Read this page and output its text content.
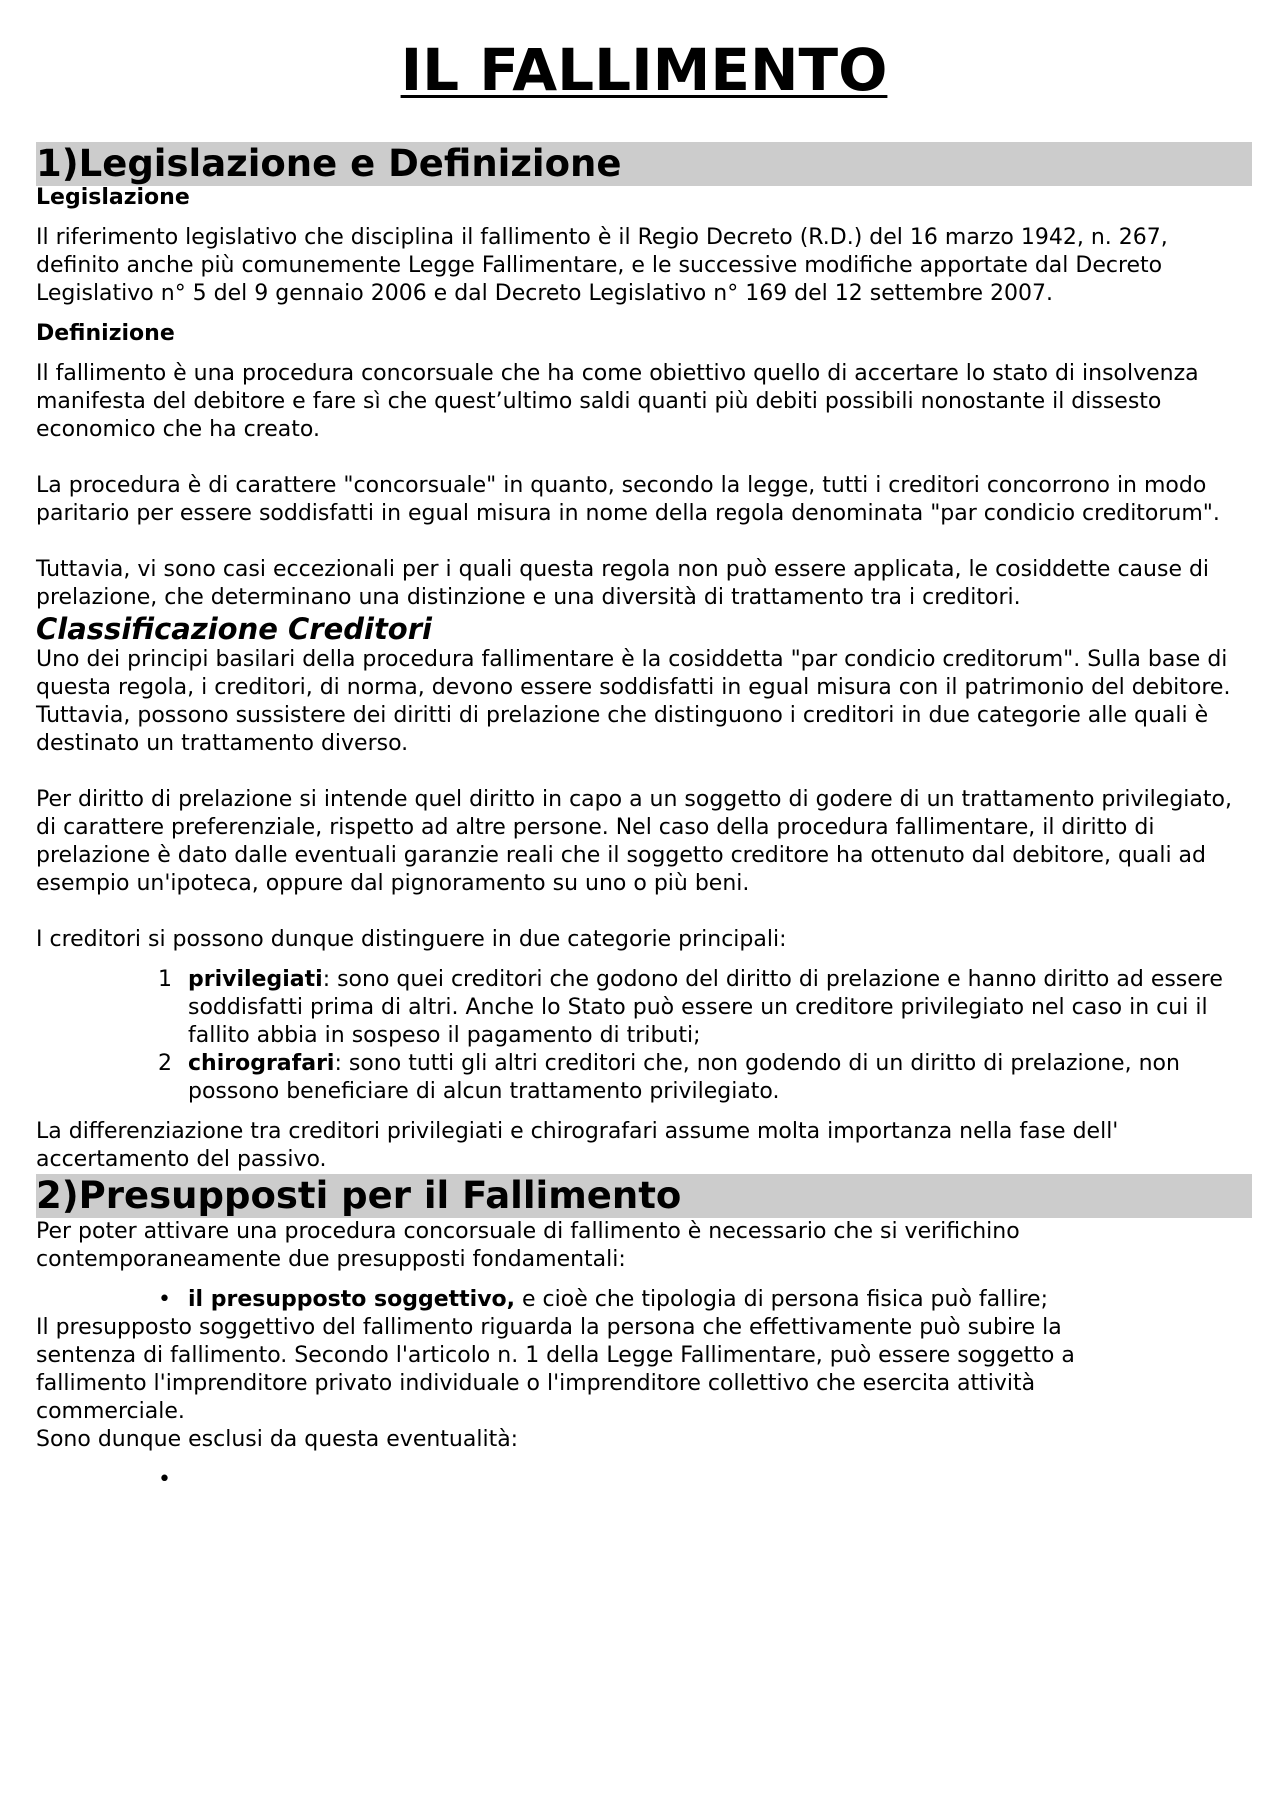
IL FALLIMENTO
1)Legislazione e Definizione
Legislazione

Il riferimento legislativo che disciplina il fallimento è il Regio Decreto (R.D.) del 16 marzo 1942, n. 267, definito anche più comunemente Legge Fallimentare, e le successive modifiche apportate dal Decreto Legislativo n° 5 del 9 gennaio 2006 e dal Decreto Legislativo n° 169 del 12 settembre 2007.

Definizione

Il fallimento è una procedura concorsuale che ha come obiettivo quello di accertare lo stato di insolvenza manifesta del debitore e fare sì che quest’ultimo saldi quanti più debiti possibili nonostante il dissesto economico che ha creato.

La procedura è di carattere "concorsuale" in quanto, secondo la legge, tutti i creditori concorrono in modo paritario per essere soddisfatti in egual misura in nome della regola denominata "par condicio creditorum".

Tuttavia, vi sono casi eccezionali per i quali questa regola non può essere applicata, le cosiddette cause di prelazione, che determinano una distinzione e una diversità di trattamento tra i creditori.

Classificazione Creditori

Uno dei principi basilari della procedura fallimentare è la cosiddetta "par condicio creditorum". Sulla base di questa regola, i creditori, di norma, devono essere soddisfatti in egual misura con il patrimonio del debitore. Tuttavia, possono sussistere dei diritti di prelazione che distinguono i creditori in due categorie alle quali è destinato un trattamento diverso.

Per diritto di prelazione si intende quel diritto in capo a un soggetto di godere di un trattamento privilegiato, di carattere preferenziale, rispetto ad altre persone. Nel caso della procedura fallimentare, il diritto di prelazione è dato dalle eventuali garanzie reali che il soggetto creditore ha ottenuto dal debitore, quali ad esempio un'ipoteca, oppure dal pignoramento su uno o più beni.

I creditori si possono dunque distinguere in due categorie principali:

1 privilegiati: sono quei creditori che godono del diritto di prelazione e hanno diritto ad essere soddisfatti prima di altri. Anche lo Stato può essere un creditore privilegiato nel caso in cui il fallito abbia in sospeso il pagamento di tributi;
2 chirografari: sono tutti gli altri creditori che, non godendo di un diritto di prelazione, non possono beneficiare di alcun trattamento privilegiato.

La differenziazione tra creditori privilegiati e chirografari assume molta importanza nella fase dell' accertamento del passivo.

2)Presupposti per il Fallimento

Per poter attivare una procedura concorsuale di fallimento è necessario che si verifichino contemporaneamente due presupposti fondamentali:

• il presupposto soggettivo, e cioè che tipologia di persona fisica può fallire;

Il presupposto soggettivo del fallimento riguarda la persona che effettivamente può subire la
sentenza di fallimento. Secondo l'articolo n. 1 della Legge Fallimentare, può essere soggetto a
fallimento l'imprenditore privato individuale o l'imprenditore collettivo che esercita attività
commerciale.

Sono dunque esclusi da questa eventualità:

•
